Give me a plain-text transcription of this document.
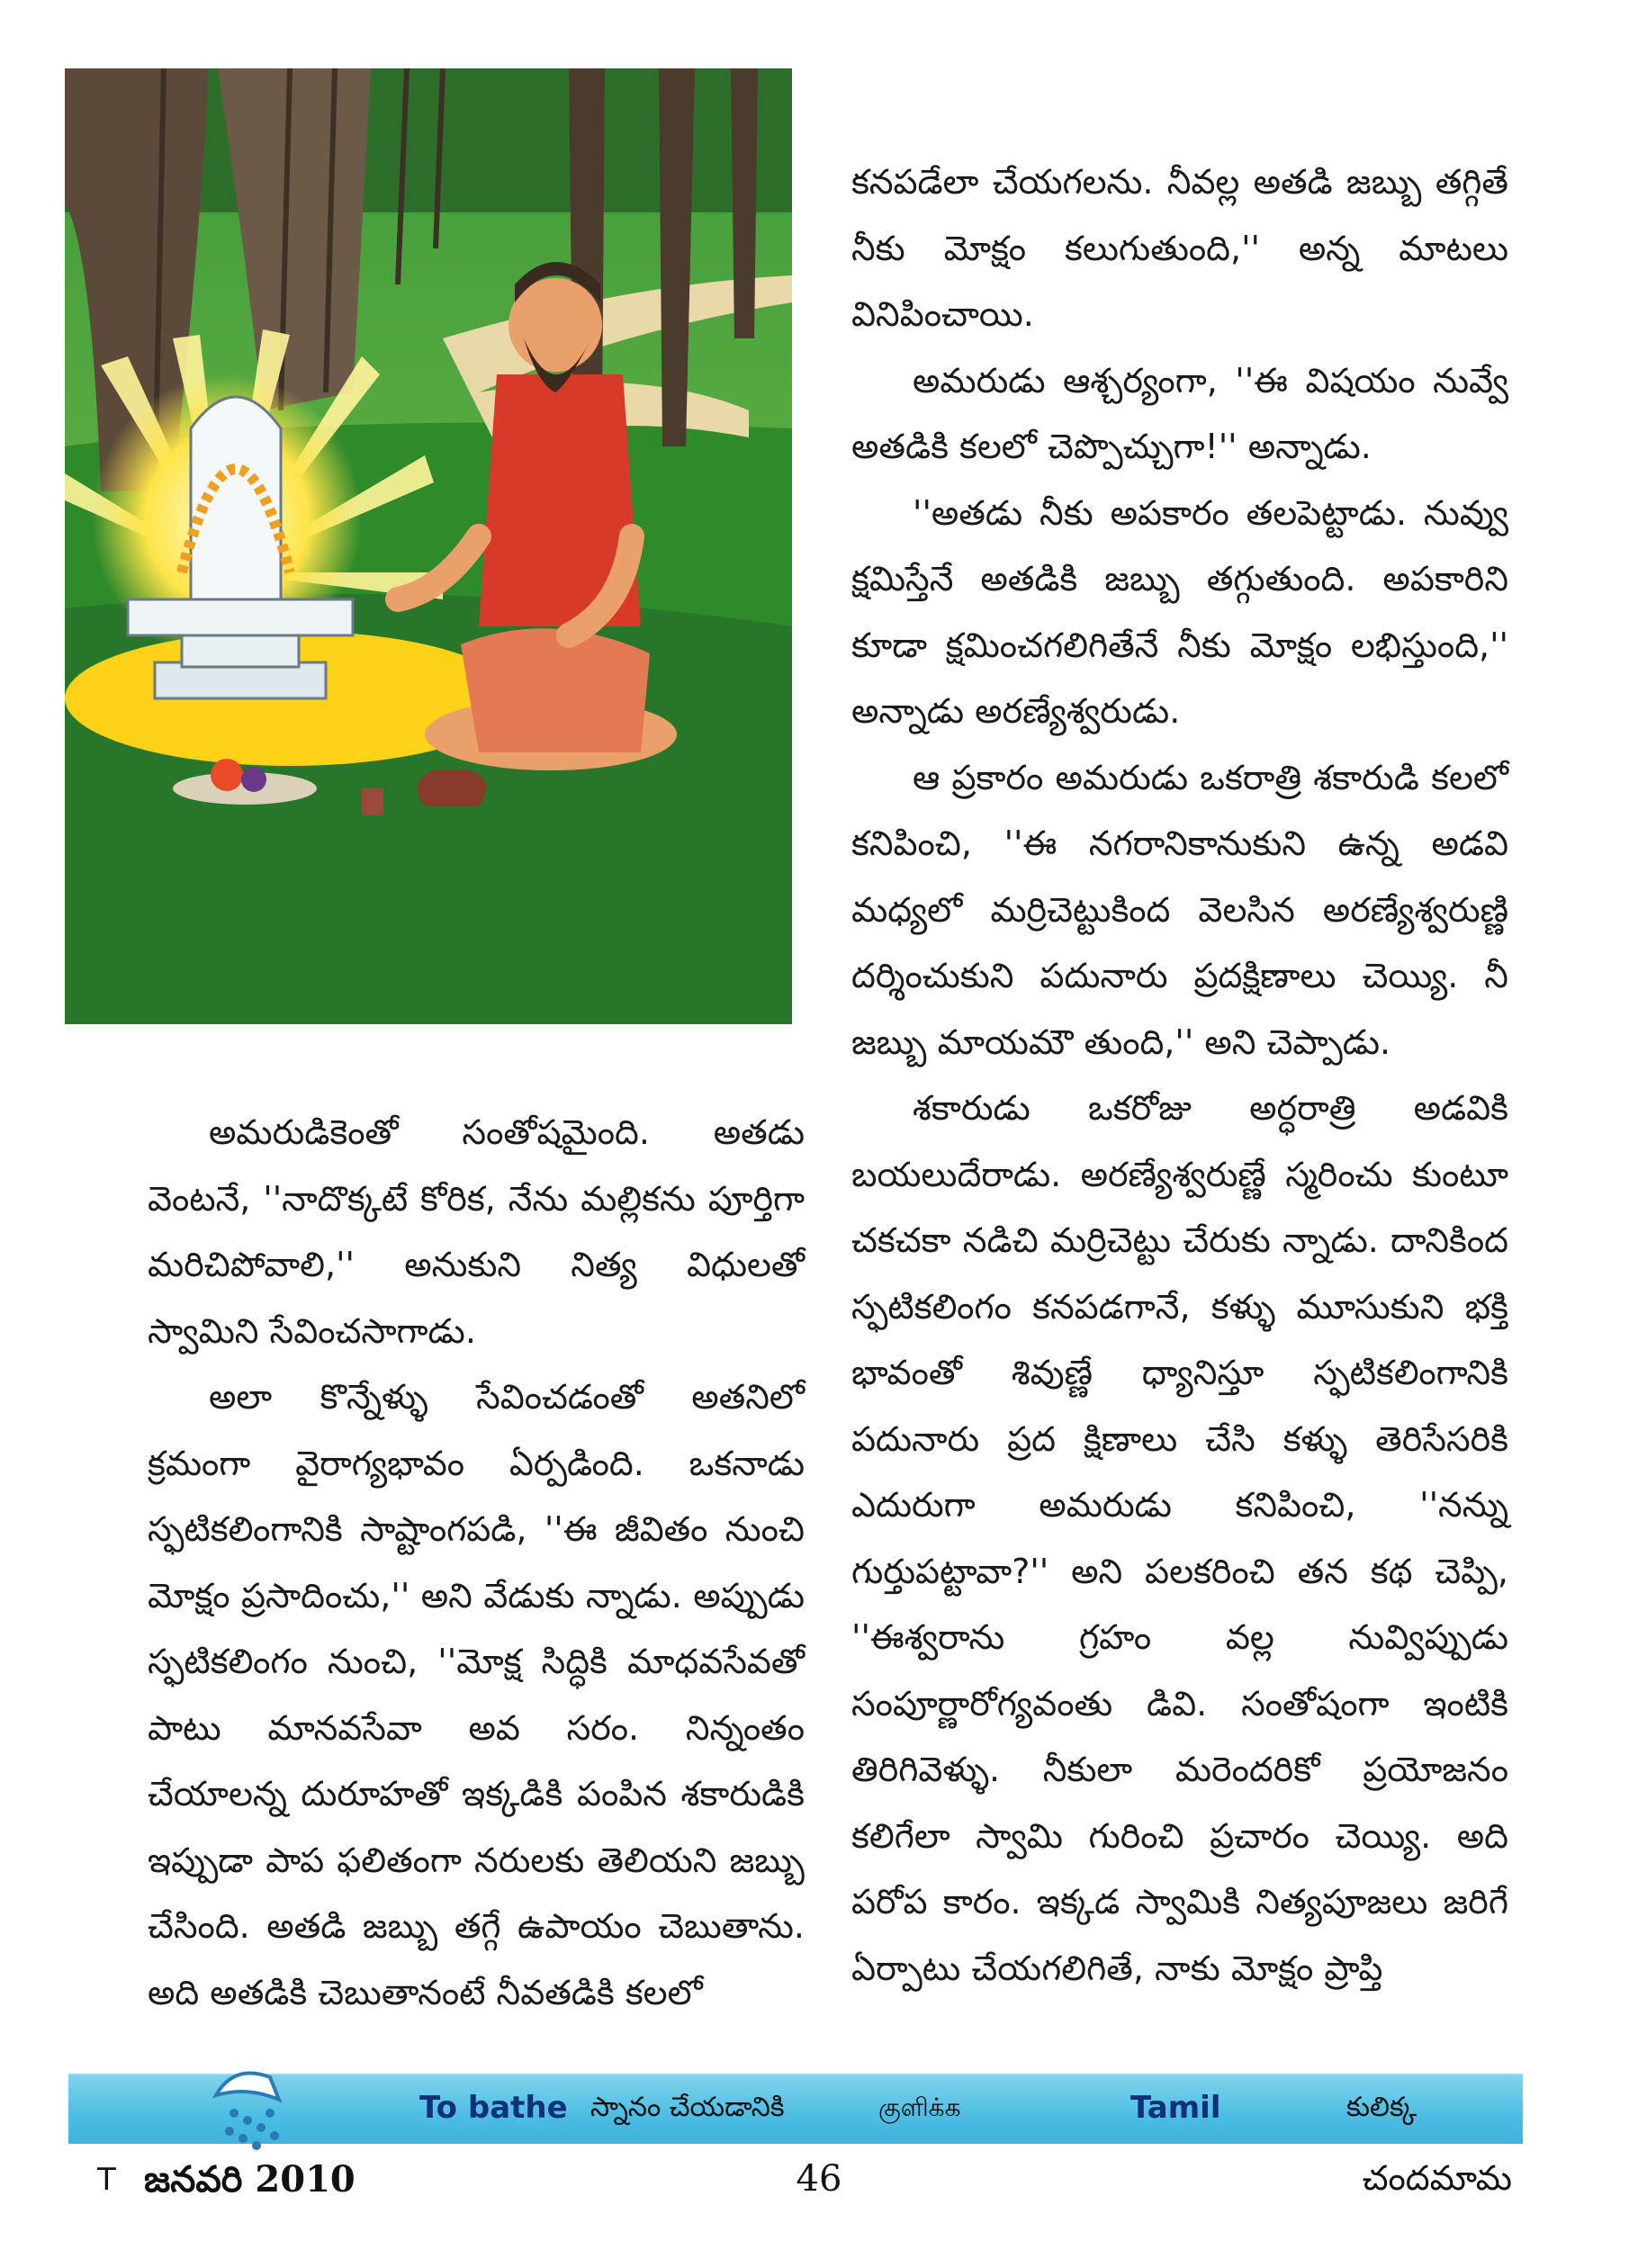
కనపడేలా చేయగలను. నీవల్ల అతడి జబ్బు తగ్గితే నీకు మోక్షం కలుగుతుంది,'' అన్న మాటలు వినిపించాయి.

అమరుడు ఆశ్చర్యంగా, ''ఈ విషయం నువ్వే అతడికి కలలో చెప్పొచ్చుగా!'' అన్నాడు.

''అతడు నీకు అపకారం తలపెట్టాడు. నువ్వు క్షమిస్తేనే అతడికి జబ్బు తగ్గుతుంది. అపకారిని కూడా క్షమించగలిగితేనే నీకు మోక్షం లభిస్తుంది,'' అన్నాడు అరణ్యేశ్వరుడు.

ఆ ప్రకారం అమరుడు ఒకరాత్రి శకారుడి కలలో కనిపించి, ''ఈ నగరానికానుకుని ఉన్న అడవి మధ్యలో మర్రిచెట్టుకింద వెలసిన అరణ్యేశ్వరుణ్ణి దర్శించుకుని పదునారు ప్రదక్షిణాలు చెయ్యి. నీ జబ్బు మాయమౌ తుంది,'' అని చెప్పాడు.

శకారుడు ఒకరోజు అర్ధరాత్రి అడవికి బయలుదేరాడు. అరణ్యేశ్వరుణ్ణే స్మరించు కుంటూ చకచకా నడిచి మర్రిచెట్టు చేరుకు న్నాడు. దానికింద స్ఫటికలింగం కనపడగానే, కళ్ళు మూసుకుని భక్తి భావంతో శివుణ్ణే ధ్యానిస్తూ స్ఫటికలింగానికి పదునారు ప్రద క్షిణాలు చేసి కళ్ళు తెరిసేసరికి ఎదురుగా అమరుడు కనిపించి, ''నన్ను గుర్తుపట్టావా?'' అని పలకరించి తన కథ చెప్పి, ''ఈశ్వరాను గ్రహం వల్ల నువ్విప్పుడు సంపూర్ణారోగ్యవంతు డివి. సంతోషంగా ఇంటికి తిరిగివెళ్ళు. నీకులా మరెందరికో ప్రయోజనం కలిగేలా స్వామి గురించి ప్రచారం చెయ్యి. అది పరోప కారం. ఇక్కడ స్వామికి నిత్యపూజలు జరిగే ఏర్పాటు చేయగలిగితే, నాకు మోక్షం ప్రాప్తి

అమరుడికెంతో సంతోషమైంది. అతడు వెంటనే, ''నాదొక్కటే కోరిక, నేను మల్లికను పూర్తిగా మరిచిపోవాలి,'' అనుకుని నిత్య విధులతో స్వామిని సేవించసాగాడు.

అలా కొన్నేళ్ళు సేవించడంతో అతనిలో క్రమంగా వైరాగ్యభావం ఏర్పడింది. ఒకనాడు స్ఫటికలింగానికి సాష్టాంగపడి, ''ఈ జీవితం నుంచి మోక్షం ప్రసాదించు,'' అని వేడుకు న్నాడు. అప్పుడు స్ఫటికలింగం నుంచి, ''మోక్ష సిద్ధికి మాధవసేవతో పాటు మానవసేవా అవ సరం. నిన్నంతం చేయాలన్న దురూహతో ఇక్కడికి పంపిన శకారుడికి ఇప్పుడా పాప ఫలితంగా నరులకు తెలియని జబ్బు చేసింది. అతడి జబ్బు తగ్గే ఉపాయం చెబుతాను. అది అతడికి చెబుతానంటే నీవతడికి కలలో

To bathe స్నానం చేయడానికి	குளிக்க	Tamil	కులిక్క
T జనవరి 2010	46	చందమామ
